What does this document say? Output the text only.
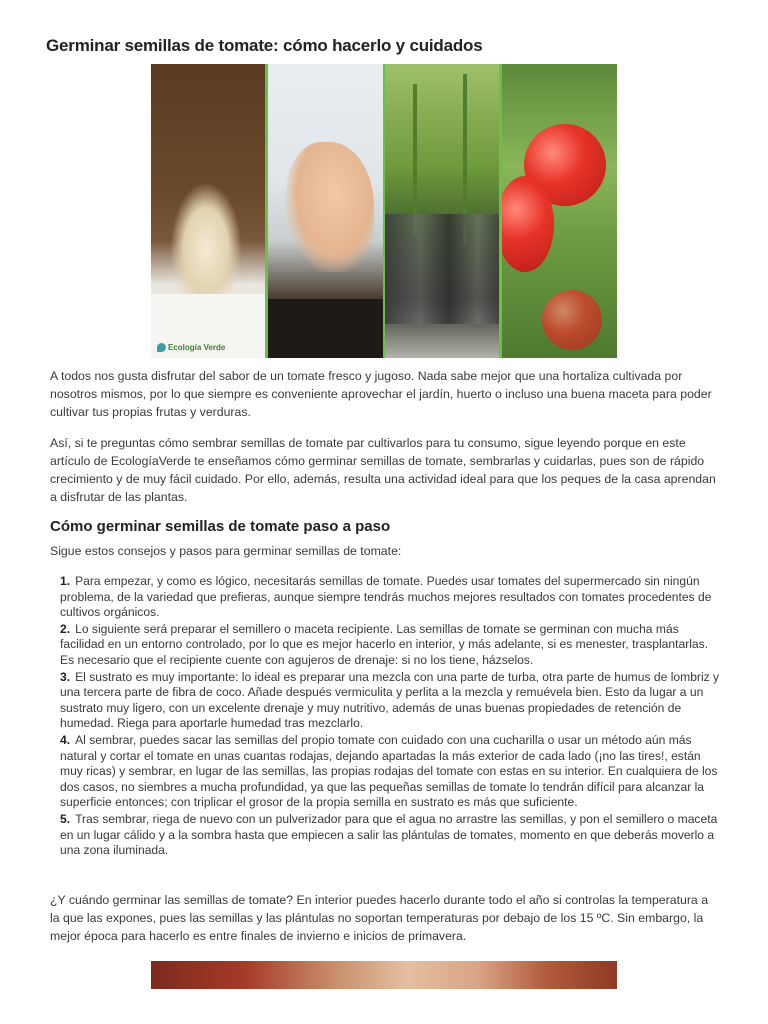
Germinar semillas de tomate: cómo hacerlo y cuidados
Ecología Verde

A todos nos gusta disfrutar del sabor de un tomate fresco y jugoso. Nada sabe mejor que una hortaliza cultivada por nosotros mismos, por lo que siempre es conveniente aprovechar el jardín, huerto o incluso una buena maceta para poder cultivar tus propias frutas y verduras.

Así, si te preguntas cómo sembrar semillas de tomate par cultivarlos para tu consumo, sigue leyendo porque en este artículo de EcologíaVerde te enseñamos cómo germinar semillas de tomate, sembrarlas y cuidarlas, pues son de rápido crecimiento y de muy fácil cuidado. Por ello, además, resulta una actividad ideal para que los peques de la casa aprendan a disfrutar de las plantas.

Cómo germinar semillas de tomate paso a paso

Sigue estos consejos y pasos para germinar semillas de tomate:

1. Para empezar, y como es lógico, necesitarás semillas de tomate. Puedes usar tomates del supermercado sin ningún problema, de la variedad que prefieras, aunque siempre tendrás muchos mejores resultados con tomates procedentes de cultivos orgánicos.
2. Lo siguiente será preparar el semillero o maceta recipiente. Las semillas de tomate se germinan con mucha más facilidad en un entorno controlado, por lo que es mejor hacerlo en interior, y más adelante, si es menester, trasplantarlas. Es necesario que el recipiente cuente con agujeros de drenaje: si no los tiene, házselos.
3. El sustrato es muy importante: lo ideal es preparar una mezcla con una parte de turba, otra parte de humus de lombriz y una tercera parte de fibra de coco. Añade después vermiculita y perlita a la mezcla y remuévela bien. Esto da lugar a un sustrato muy ligero, con un excelente drenaje y muy nutritivo, además de unas buenas propiedades de retención de humedad. Riega para aportarle humedad tras mezclarlo.
4. Al sembrar, puedes sacar las semillas del propio tomate con cuidado con una cucharilla o usar un método aún más natural y cortar el tomate en unas cuantas rodajas, dejando apartadas la más exterior de cada lado (¡no las tires!, están muy ricas) y sembrar, en lugar de las semillas, las propias rodajas del tomate con estas en su interior. En cualquiera de los dos casos, no siembres a mucha profundidad, ya que las pequeñas semillas de tomate lo tendrán difícil para alcanzar la superficie entonces; con triplicar el grosor de la propia semilla en sustrato es más que suficiente.
5. Tras sembrar, riega de nuevo con un pulverizador para que el agua no arrastre las semillas, y pon el semillero o maceta en un lugar cálido y a la sombra hasta que empiecen a salir las plántulas de tomates, momento en que deberás moverlo a una zona iluminada.

¿Y cuándo germinar las semillas de tomate? En interior puedes hacerlo durante todo el año si controlas la temperatura a la que las expones, pues las semillas y las plántulas no soportan temperaturas por debajo de los 15 ºC. Sin embargo, la mejor época para hacerlo es entre finales de invierno e inicios de primavera.
